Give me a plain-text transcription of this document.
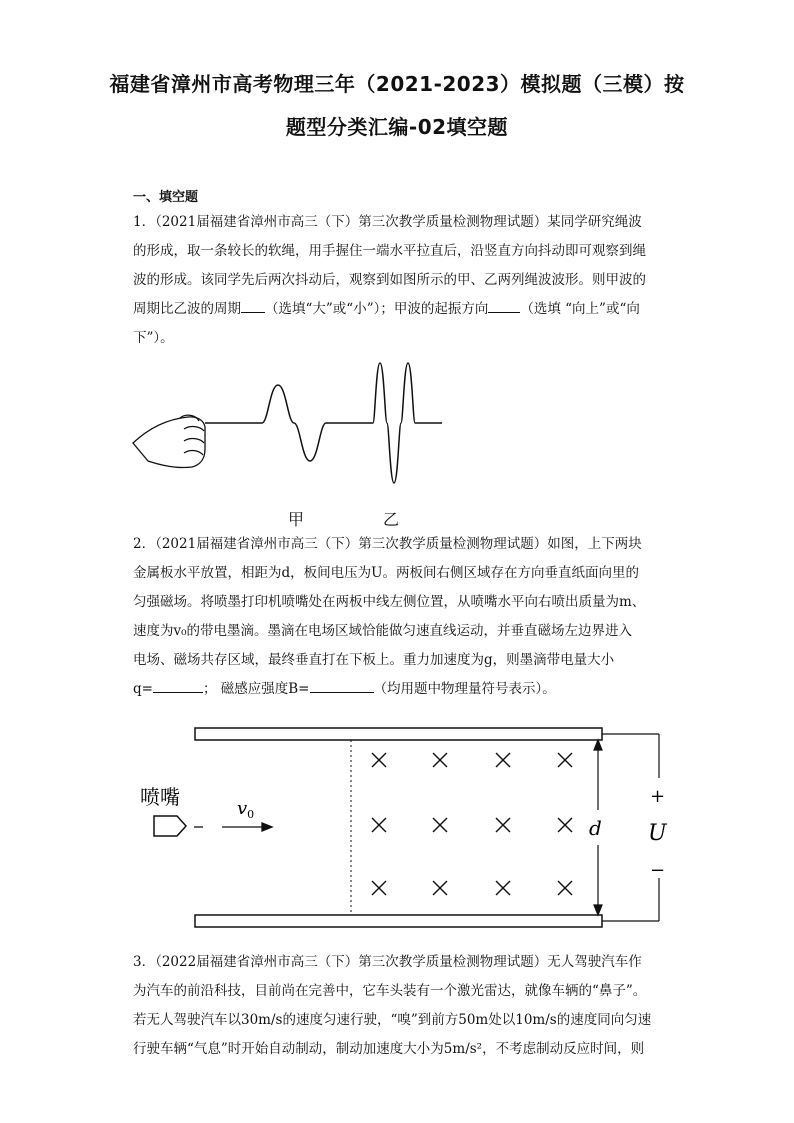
福建省漳州市高考物理三年（2021-2023）模拟题（三模）按
题型分类汇编-02填空题
一、填空题
1．（2021届福建省漳州市高三（下）第三次教学质量检测物理试题）某同学研究绳波
的形成，取一条较长的软绳，用手握住一端水平拉直后，沿竖直方向抖动即可观察到绳
波的形成。该同学先后两次抖动后，观察到如图所示的甲、乙两列绳波波形。则甲波的
周期比乙波的周期 （选填“大”或“小”）；甲波的起振方向 （选填 “向上”或“向
下”）。
甲	乙
2．（2021届福建省漳州市高三（下）第三次教学质量检测物理试题）如图，上下两块
金属板水平放置，相距为d，板间电压为U。两板间右侧区域存在方向垂直纸面向里的
匀强磁场。将喷墨打印机喷嘴处在两板中线左侧位置，从喷嘴水平向右喷出质量为m、
速度为v₀的带电墨滴。墨滴在电场区域恰能做匀速直线运动，并垂直磁场左边界进入
电场、磁场共存区域，最终垂直打在下板上。重力加速度为g，则墨滴带电量大小
q=	； 磁感应强度B=	（均用题中物理量符号表示）。
d
+
U
−
喷嘴	$v_0$
3．（2022届福建省漳州市高三（下）第三次教学质量检测物理试题）无人驾驶汽车作
为汽车的前沿科技，目前尚在完善中，它车头装有一个激光雷达，就像车辆的“鼻子”。
若无人驾驶汽车以30m/s的速度匀速行驶，“嗅”到前方50m处以10m/s的速度同向匀速
行驶车辆“气息”时开始自动制动，制动加速度大小为5m/s²，不考虑制动反应时间，则
